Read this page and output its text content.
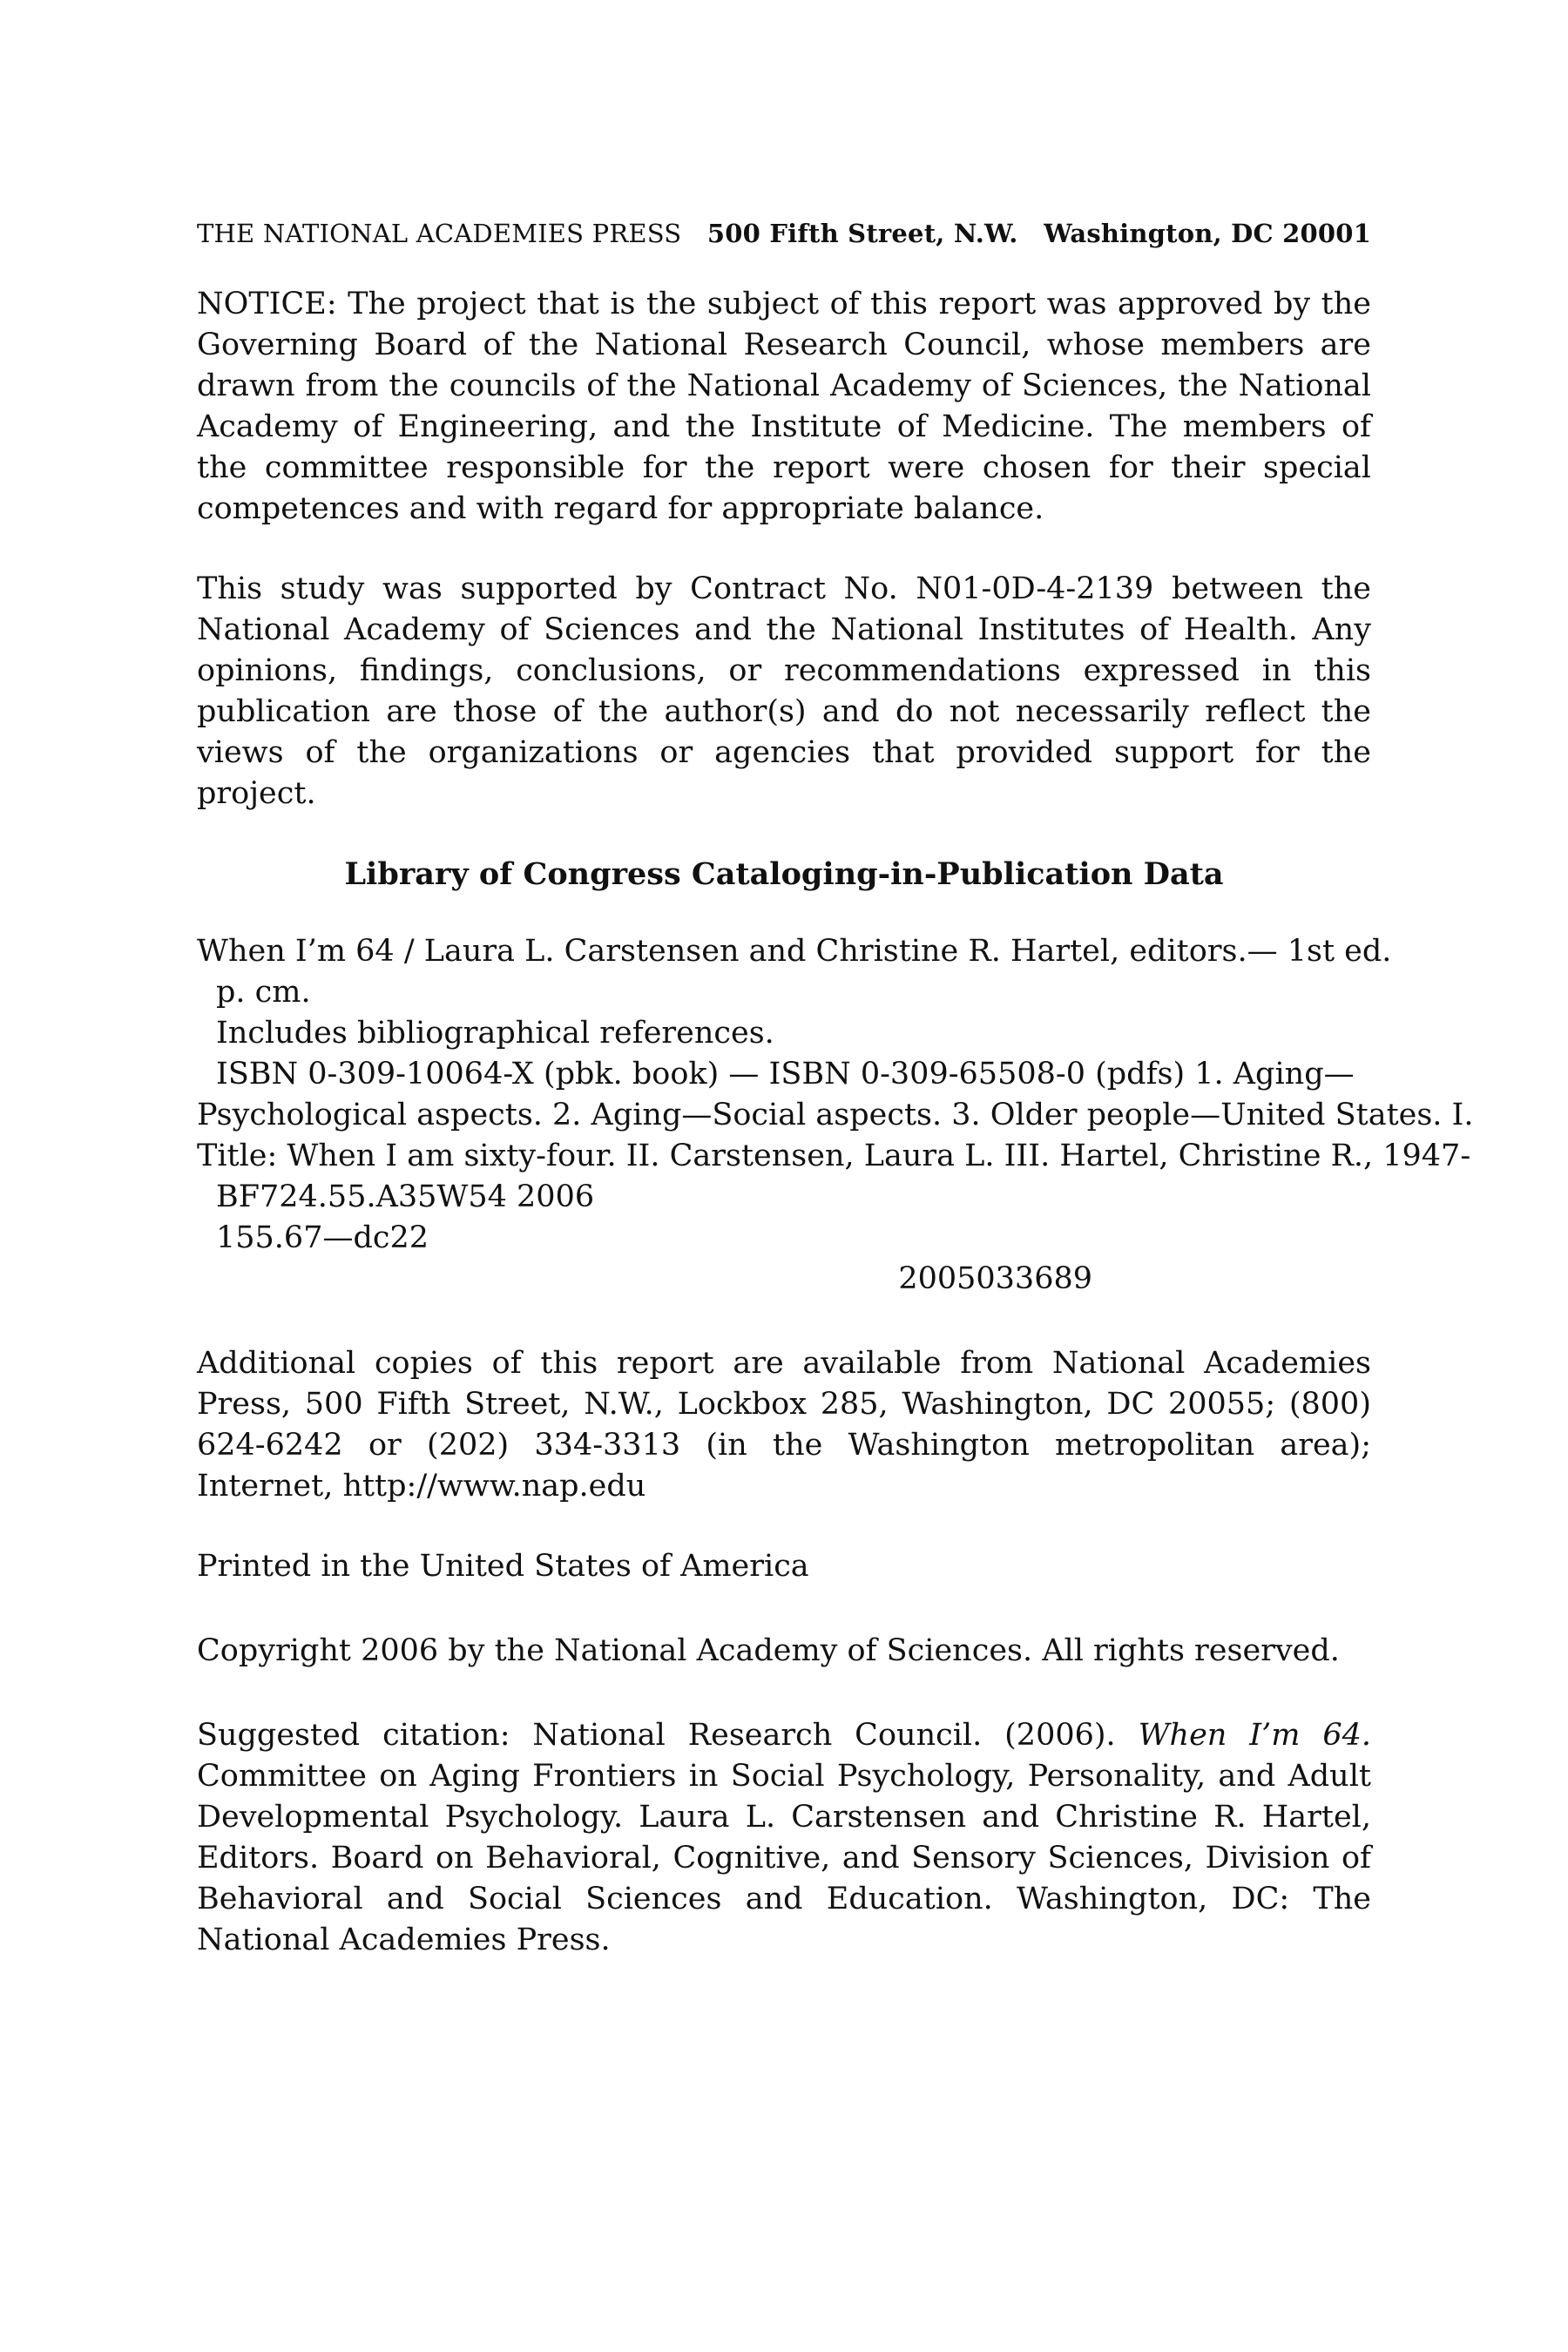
THE NATIONAL ACADEMIES PRESS 500 Fifth Street, N.W. Washington, DC 20001

NOTICE: The project that is the subject of this report was approved by the Governing Board of the National Research Council, whose members are drawn from the councils of the National Academy of Sciences, the National Academy of Engineering, and the Institute of Medicine. The members of the committee responsible for the report were chosen for their special competences and with regard for appropriate balance.

This study was supported by Contract No. N01-0D-4-2139 between the National Academy of Sciences and the National Institutes of Health. Any opinions, findings, conclusions, or recommendations expressed in this publication are those of the author(s) and do not necessarily reflect the views of the organizations or agencies that provided support for the project.

Library of Congress Cataloging-in-Publication Data
When I’m 64 / Laura L. Carstensen and Christine R. Hartel, editors.— 1st ed.
p. cm.
Includes bibliographical references.
ISBN 0-309-10064-X (pbk. book) — ISBN 0-309-65508-0 (pdfs) 1. Aging—
Psychological aspects. 2. Aging—Social aspects. 3. Older people—United States. I.
Title: When I am sixty-four. II. Carstensen, Laura L. III. Hartel, Christine R., 1947-
BF724.55.A35W54 2006
155.67—dc22
2005033689

Additional copies of this report are available from National Academies Press, 500 Fifth Street, N.W., Lockbox 285, Washington, DC 20055; (800) 624-6242 or (202) 334-3313 (in the Washington metropolitan area); Internet, http://www.nap.edu

Printed in the United States of America

Copyright 2006 by the National Academy of Sciences. All rights reserved.

Suggested citation: National Research Council. (2006). When I’m 64. Committee on Aging Frontiers in Social Psychology, Personality, and Adult Developmental Psychology. Laura L. Carstensen and Christine R. Hartel, Editors. Board on Behavioral, Cognitive, and Sensory Sciences, Division of Behavioral and Social Sciences and Education. Washington, DC: The National Academies Press.
